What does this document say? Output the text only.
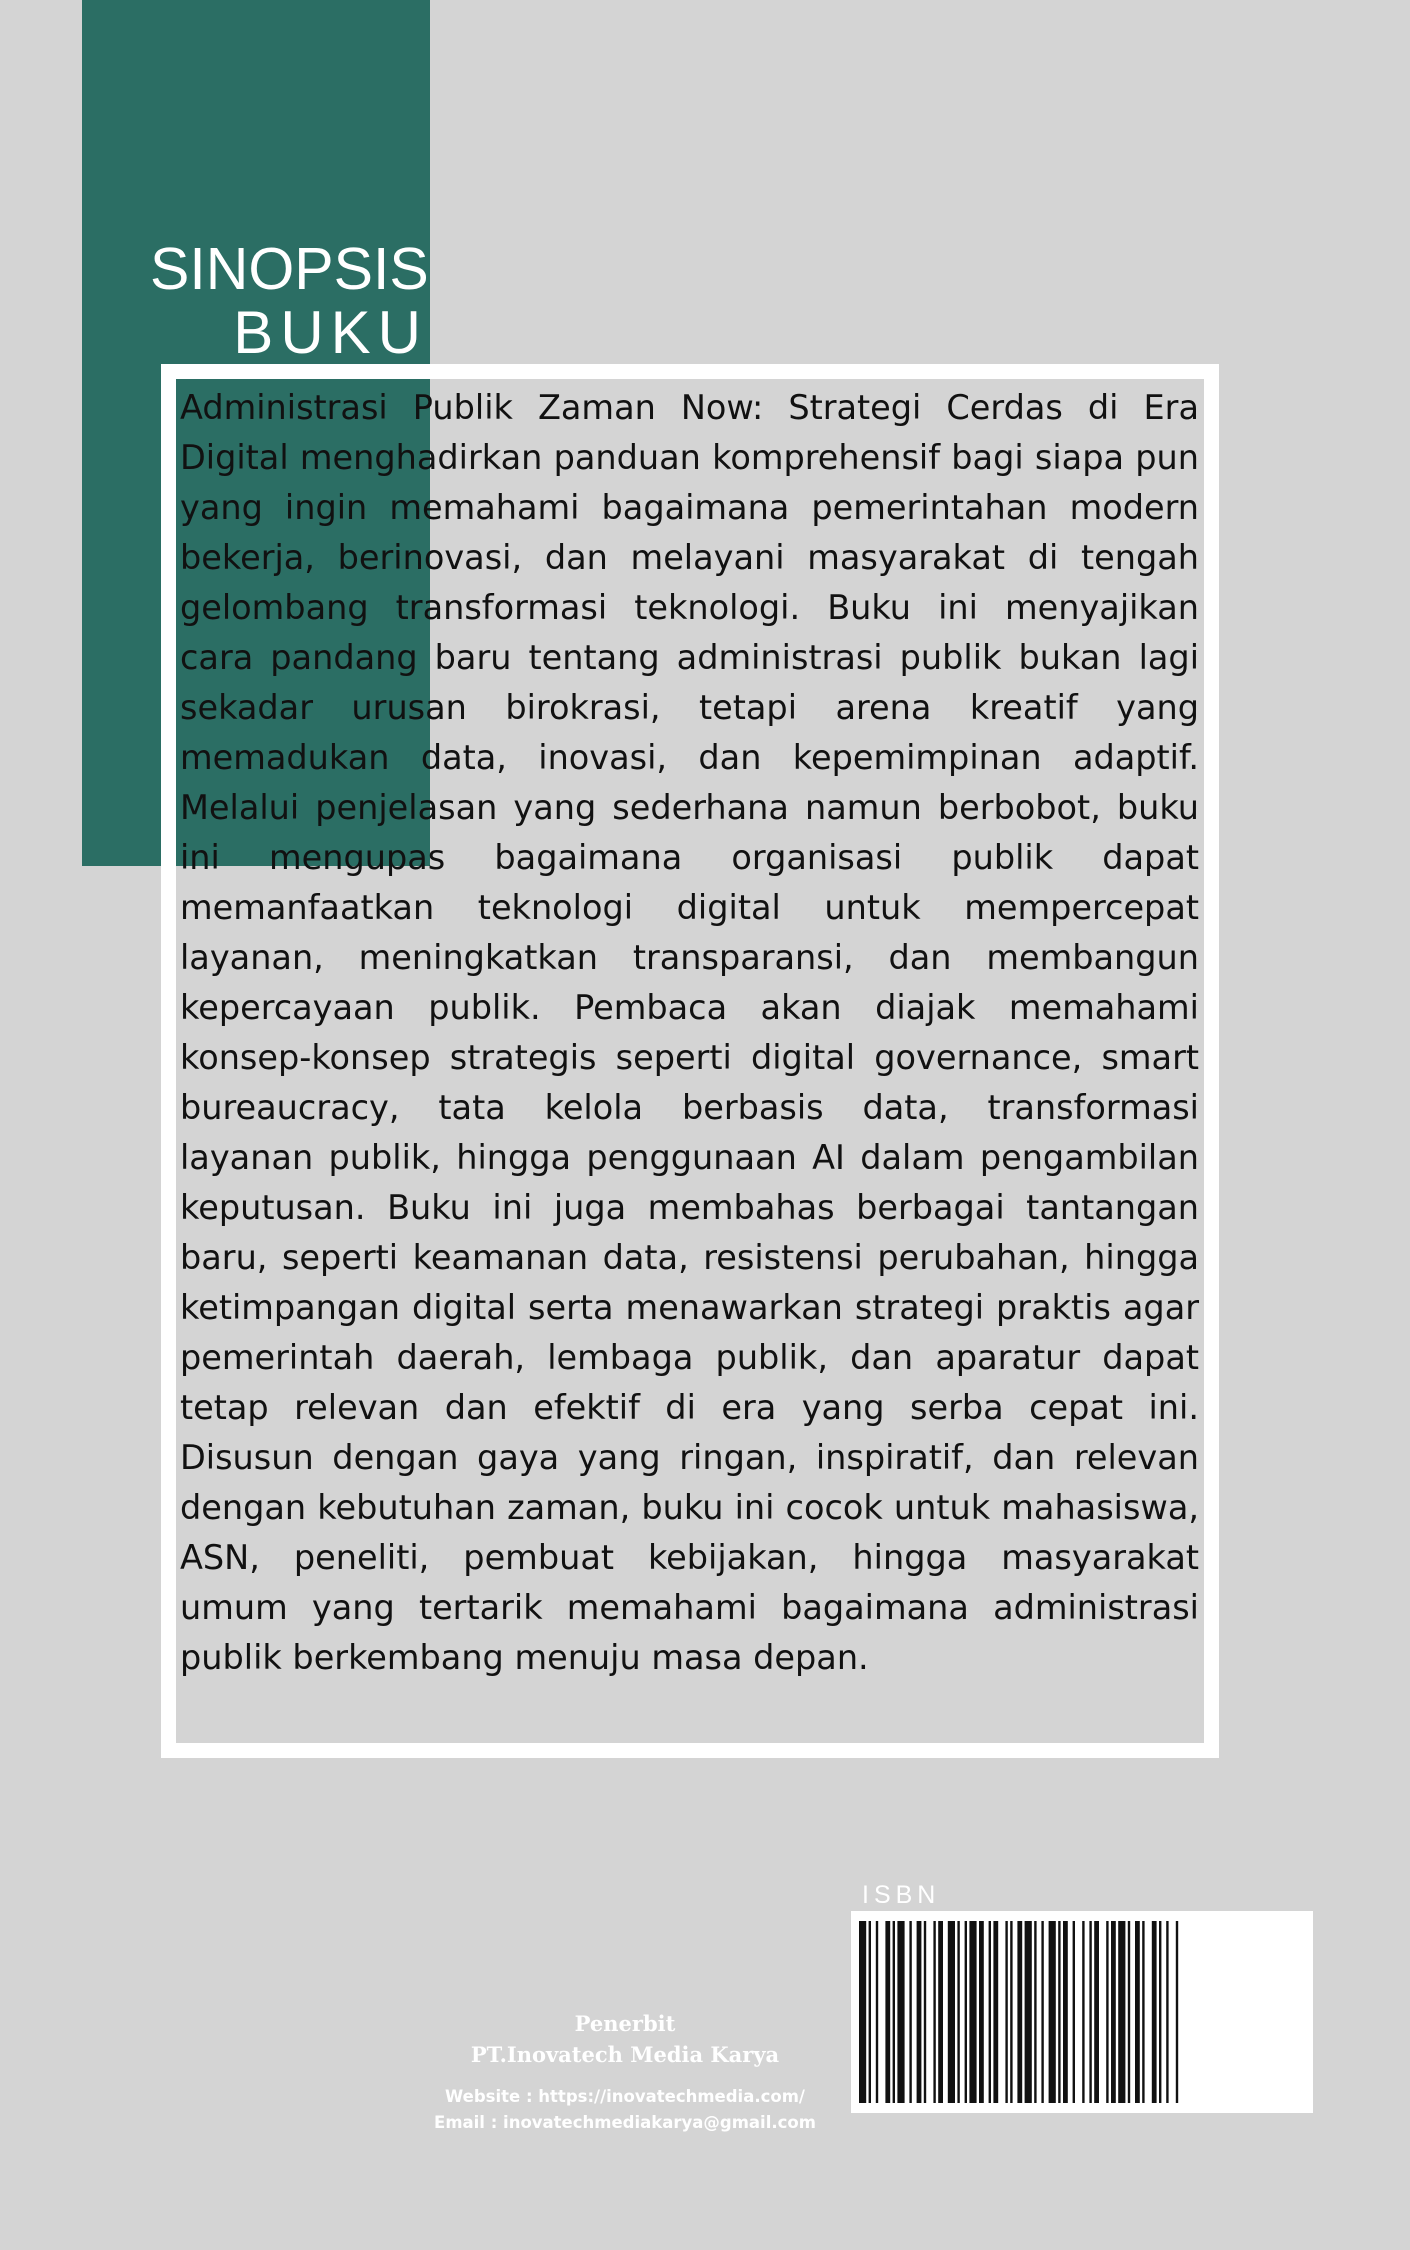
SINOPSIS
BUKU

Administrasi Publik Zaman Now: Strategi Cerdas di Era Digital menghadirkan panduan komprehensif bagi siapa pun yang ingin memahami bagaimana pemerintahan modern bekerja, berinovasi, dan melayani masyarakat di tengah gelombang transformasi teknologi. Buku ini menyajikan cara pandang baru tentang administrasi publik bukan lagi sekadar urusan birokrasi, tetapi arena kreatif yang memadukan data, inovasi, dan kepemimpinan adaptif. Melalui penjelasan yang sederhana namun berbobot, buku ini mengupas bagaimana organisasi publik dapat memanfaatkan teknologi digital untuk mempercepat layanan, meningkatkan transparansi, dan membangun kepercayaan publik. Pembaca akan diajak memahami konsep-konsep strategis seperti digital governance, smart bureaucracy, tata kelola berbasis data, transformasi layanan publik, hingga penggunaan AI dalam pengambilan keputusan. Buku ini juga membahas berbagai tantangan baru, seperti keamanan data, resistensi perubahan, hingga ketimpangan digital serta menawarkan strategi praktis agar pemerintah daerah, lembaga publik, dan aparatur dapat tetap relevan dan efektif di era yang serba cepat ini. Disusun dengan gaya yang ringan, inspiratif, dan relevan dengan kebutuhan zaman, buku ini cocok untuk mahasiswa, ASN, peneliti, pembuat kebijakan, hingga masyarakat umum yang tertarik memahami bagaimana administrasi publik berkembang menuju masa depan.

ISBN
Penerbit
PT.Inovatech Media Karya
Website : https://inovatechmedia.com/
Email : inovatechmediakarya@gmail.com
